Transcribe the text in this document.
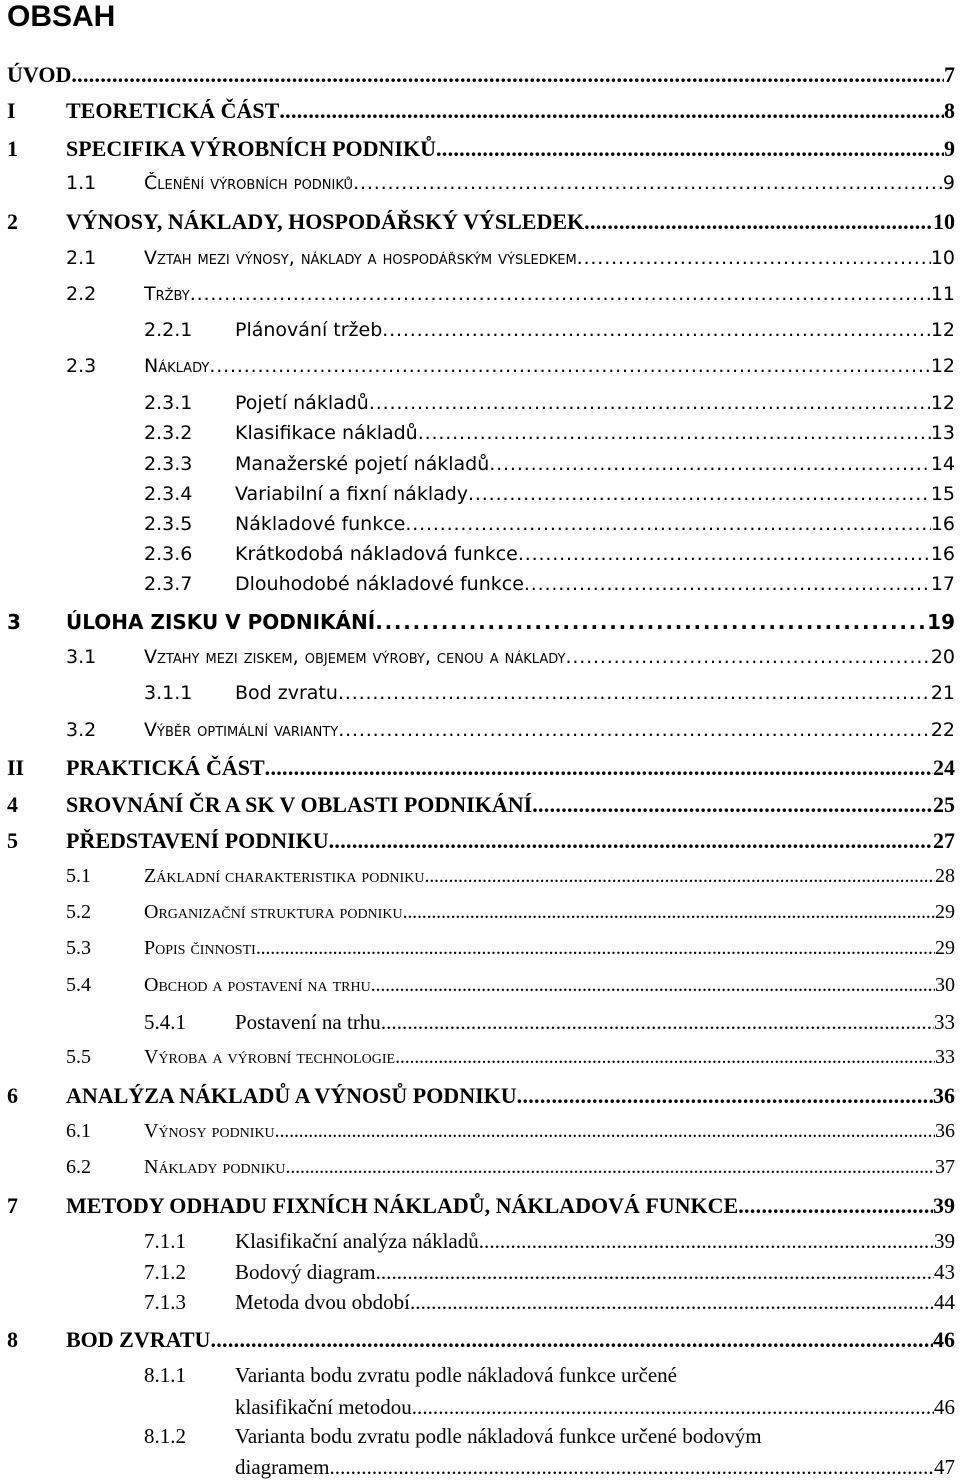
OBSAH
ÚVOD . . .	7
I TEORETICKÁ ČÁST . . .	8
1 SPECIFIKA VÝROBNÍCH PODNIKŮ . . .	9
1.1	Členění výrobních podniků . . .	9
2 VÝNOSY, NÁKLADY, HOSPODÁŘSKÝ VÝSLEDEK . . .	10
2.1	Vztah mezi výnosy, náklady a hospodářským výsledkem . . .	10
2.2	Tržby . . .	11
2.2.1 Plánování tržeb . . .	12
2.3	Náklady . . .	12
2.3.1 Pojetí nákladů . . .	12
2.3.2 Klasifikace nákladů . . .	13
2.3.3 Manažerské pojetí nákladů . . .	14
2.3.4 Variabilní a fixní náklady . . .	15
2.3.5 Nákladové funkce . . .	16
2.3.6 Krátkodobá nákladová funkce . . .	16
2.3.7 Dlouhodobé nákladové funkce . . .	17
3 ÚLOHA ZISKU V PODNIKÁNÍ . . .	19
3.1	Vztahy mezi ziskem, objemem výroby, cenou a náklady . . .	20
3.1.1 Bod zvratu . . .	21
3.2	Výběr optimální varianty . . .	22
II PRAKTICKÁ ČÁST . . .	24
4 SROVNÁNÍ ČR A SK V OBLASTI PODNIKÁNÍ . . .	25
5 PŘEDSTAVENÍ PODNIKU . . .	27
5.1	Základní charakteristika podniku . . .	28
5.2	Organizační struktura podniku . . .	29
5.3	Popis činnosti . . .	29
5.4	Obchod a postavení na trhu . . .	30
5.4.1 Postavení na trhu . . .	33
5.5	Výroba a výrobní technologie . . .	33
6 ANALÝZA NÁKLADŮ A VÝNOSŮ PODNIKU . . .	36
6.1	Výnosy podniku . . .	36
6.2	Náklady podniku . . .	37
7 METODY ODHADU FIXNÍCH NÁKLADŮ, NÁKLADOVÁ FUNKCE . . .	39
7.1.1 Klasifikační analýza nákladů . . .	39
7.1.2 Bodový diagram . . .	43
7.1.3 Metoda dvou období . . .	44
8 BOD ZVRATU . . .	46
8.1.1 Varianta bodu zvratu podle nákladová funkce určené
klasifikační metodou . . .	46
8.1.2 Varianta bodu zvratu podle nákladová funkce určené bodovým
diagramem . . .	47
